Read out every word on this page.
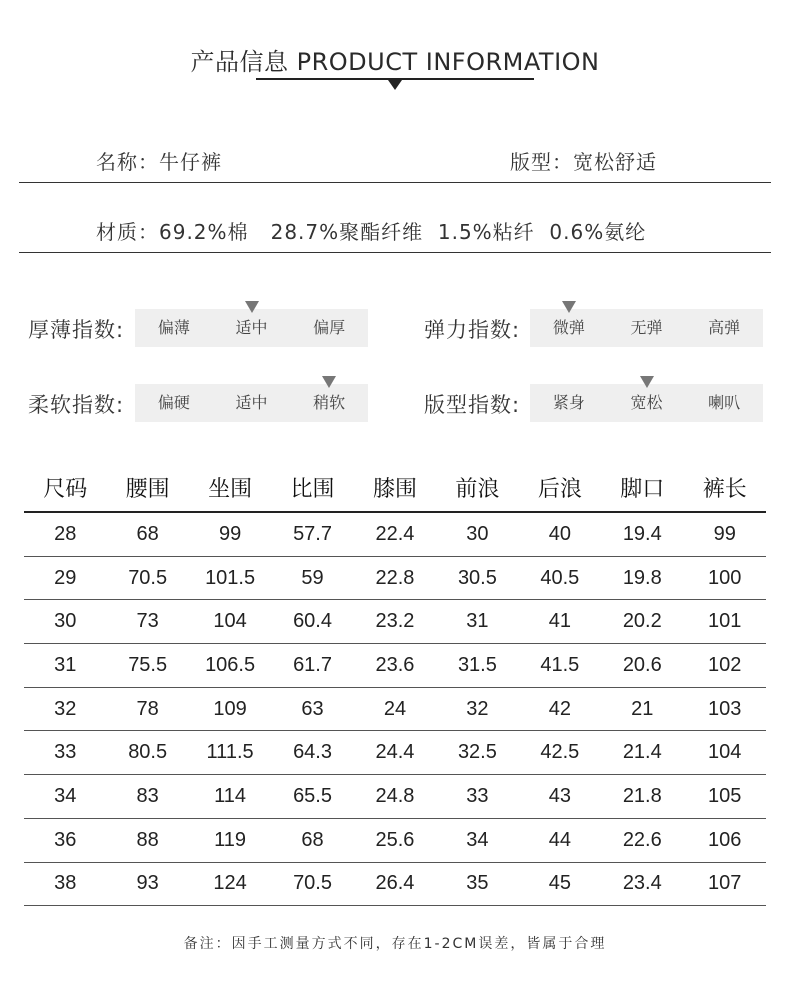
产品信息 PRODUCT INFORMATION
名称：牛仔裤	版型：宽松舒适
材质：69.2%棉   28.7%聚酯纤维  1.5%粘纤  0.6%氨纶
厚薄指数:	偏薄	适中	偏厚	弹力指数:	微弹	无弹	高弹
柔软指数:	偏硬	适中	稍软	版型指数:	紧身	宽松	喇叭
尺码	腰围	坐围	比围	膝围	前浪	后浪	脚口	裤长
28	68	99	57.7	22.4	30	40	19.4	99
29	70.5	101.5	59	22.8	30.5	40.5	19.8	100
30	73	104	60.4	23.2	31	41	20.2	101
31	75.5	106.5	61.7	23.6	31.5	41.5	20.6	102
32	78	109	63	24	32	42	21	103
33	80.5	111.5	64.3	24.4	32.5	42.5	21.4	104
34	83	114	65.5	24.8	33	43	21.8	105
36	88	119	68	25.6	34	44	22.6	106
38	93	124	70.5	26.4	35	45	23.4	107
备注：因手工测量方式不同，存在1-2CM误差，皆属于合理
